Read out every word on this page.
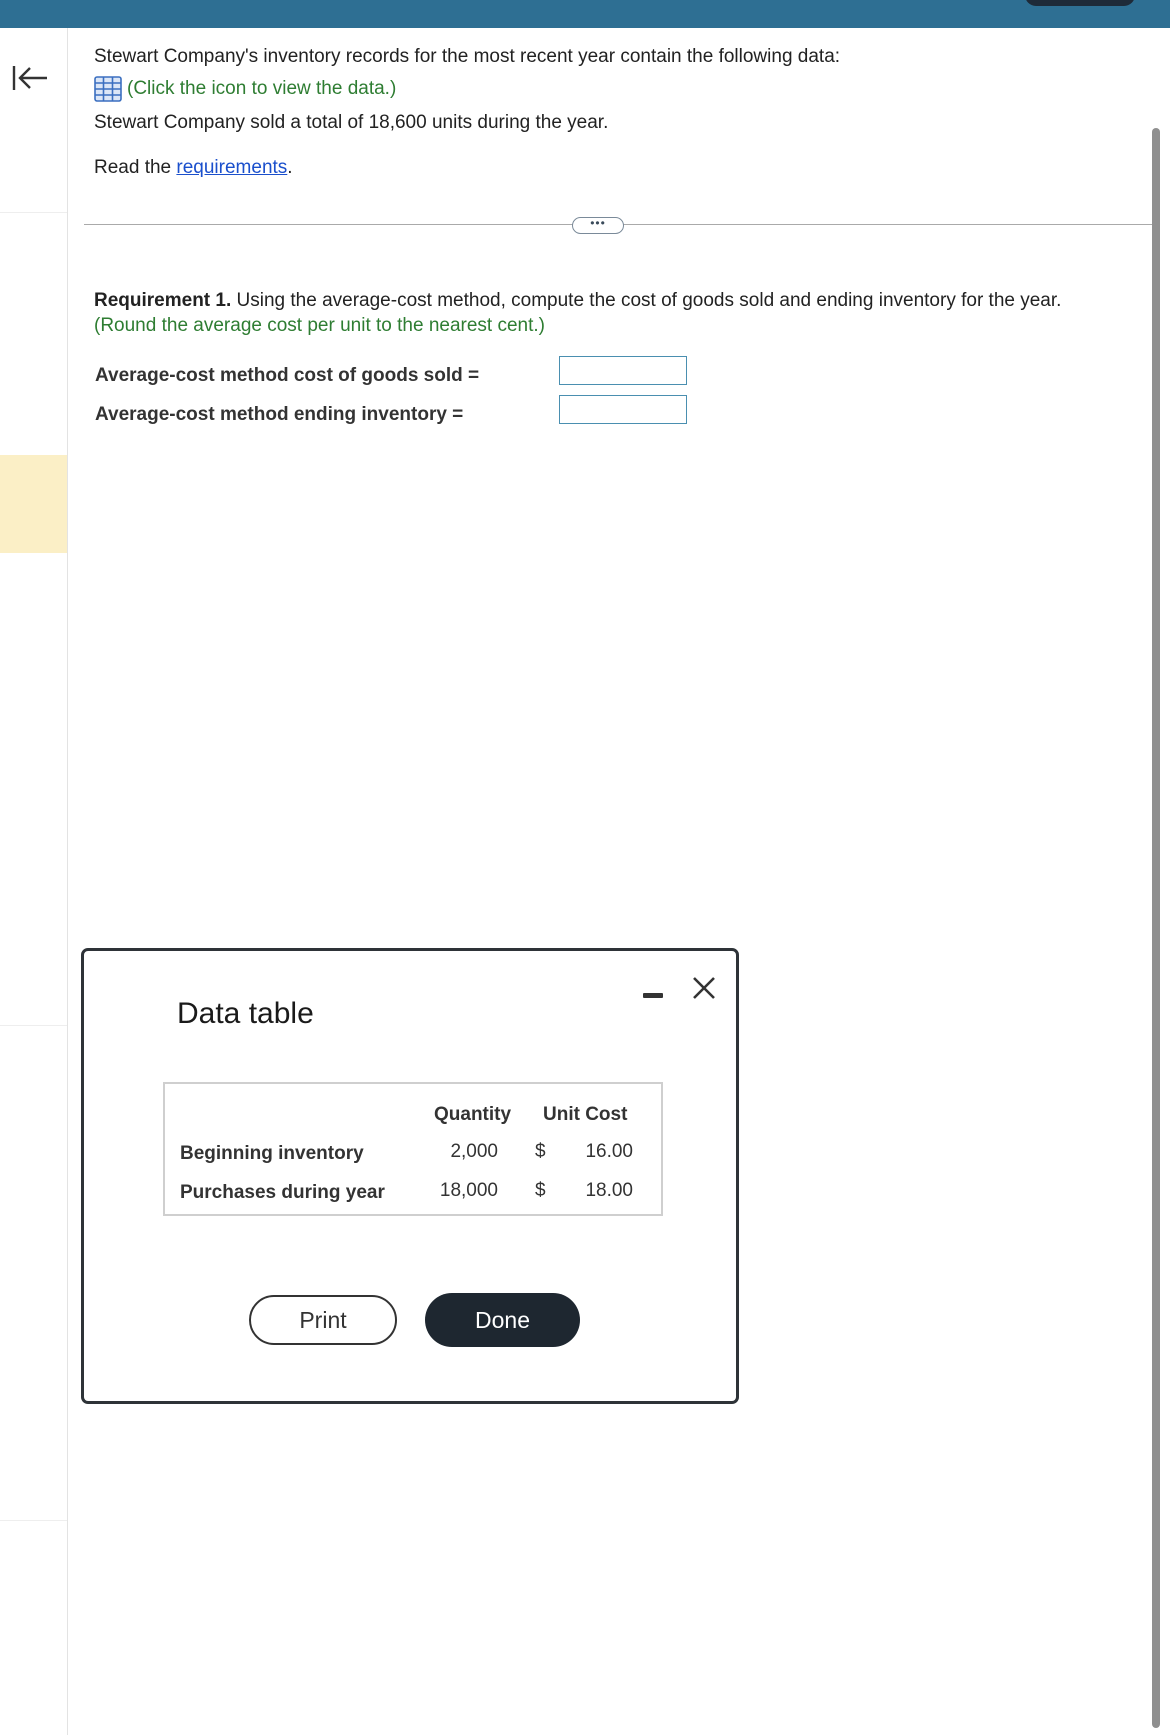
Stewart Company's inventory records for the most recent year contain the following data:
(Click the icon to view the data.)
Stewart Company sold a total of 18,600 units during the year.
Read the requirements.
Requirement 1. Using the average-cost method, compute the cost of goods sold and ending inventory for the year.
(Round the average cost per unit to the nearest cent.)
Average-cost method cost of goods sold =
Average-cost method ending inventory =
•••
Data table
Quantity Unit Cost
Beginning inventory	2,000 $	16.00
Purchases during year	18,000 $	18.00
Print	Done
